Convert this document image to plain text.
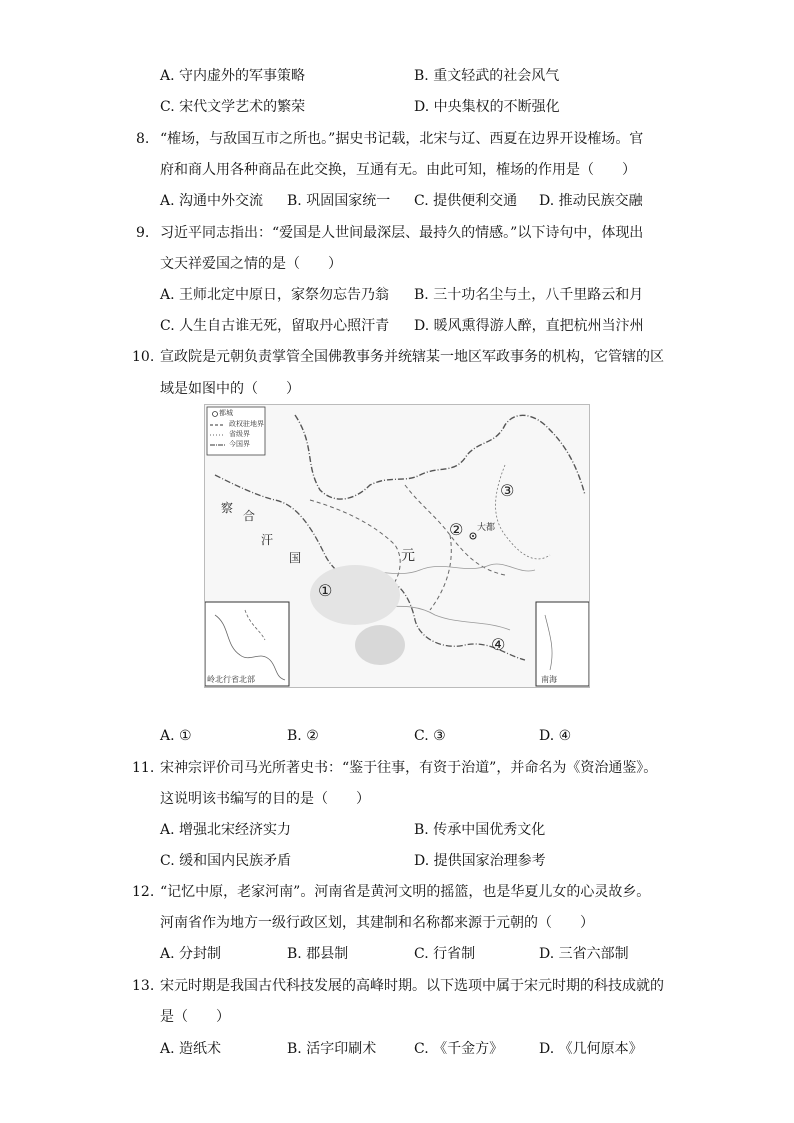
A. 守内虚外的军事策略	B. 重文轻武的社会风气
C. 宋代文学艺术的繁荣	D. 中央集权的不断强化
8. “榷场，与敌国互市之所也。”据史书记载，北宋与辽、西夏在边界开设榷场。官
府和商人用各种商品在此交换，互通有无。由此可知，榷场的作用是（　　）
A. 沟通中外交流 B. 巩固国家统一 C. 提供便利交通 D. 推动民族交融
9. 习近平同志指出：“爱国是人世间最深层、最持久的情感。”以下诗句中，体现出
文天祥爱国之情的是（　　）
A. 王师北定中原日，家祭勿忘告乃翁 B. 三十功名尘与土，八千里路云和月
C. 人生自古谁无死，留取丹心照汗青 D. 暖风熏得游人醉，直把杭州当汴州
10. 宣政院是元朝负责掌管全国佛教事务并统辖某一地区军政事务的机构，它管辖的区
域是如图中的（　　）
都城
政权驻地界
省级界
今国界
察
合
汗
国	元
大都
①
②
③
④
岭北行省北部	南海
A. ①	B. ②	C. ③	D. ④
11. 宋神宗评价司马光所著史书：“鉴于往事，有资于治道”，并命名为《资治通鉴》。
这说明该书编写的目的是（　　）
A. 增强北宋经济实力	B. 传承中国优秀文化
C. 缓和国内民族矛盾	D. 提供国家治理参考
12. “记忆中原，老家河南”。河南省是黄河文明的摇篮，也是华夏儿女的心灵故乡。
河南省作为地方一级行政区划，其建制和名称都来源于元朝的（　　）
A. 分封制	B. 郡县制	C. 行省制	D. 三省六部制
13. 宋元时期是我国古代科技发展的高峰时期。以下选项中属于宋元时期的科技成就的
是（　　）
A. 造纸术	B. 活字印刷术	C. 《千金方》	D. 《几何原本》
